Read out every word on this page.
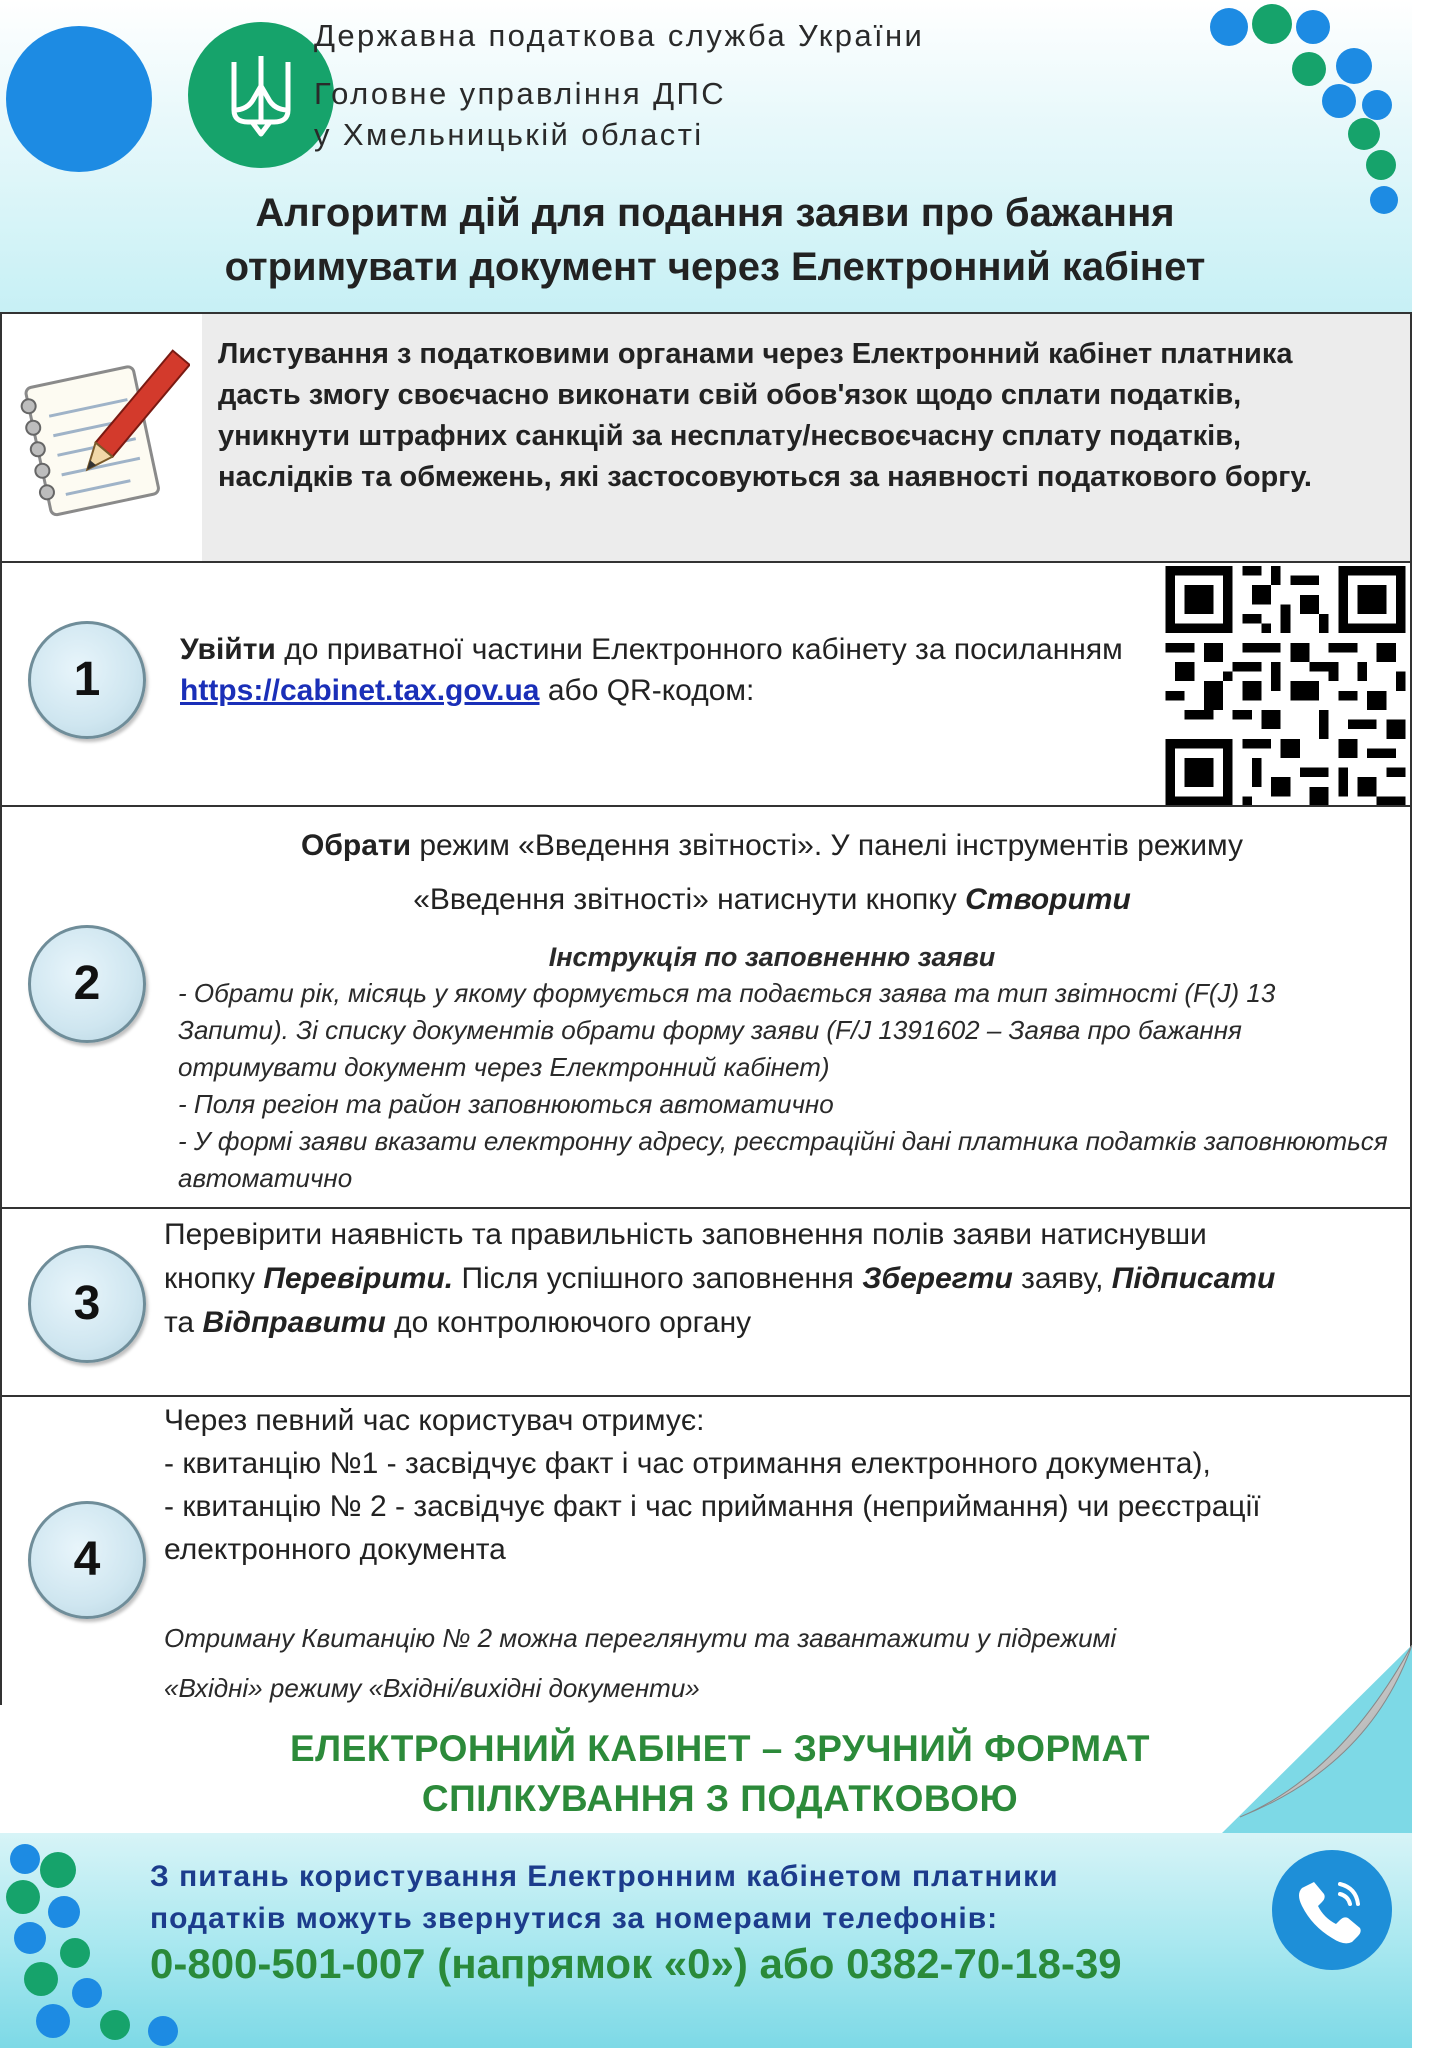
Державна податкова служба України
Головне управління ДПС
у Хмельницькій області
Алгоритм дій для подання заяви про бажання
отримувати документ через Електронний кабінет
Листування з податковими органами через Електронний кабінет платника дасть змогу своєчасно виконати свій обов'язок щодо сплати податків, уникнути штрафних санкцій за несплату/несвоєчасну сплату податків, наслідків та обмежень, які застосовуються за наявності податкового боргу.
1
Увійти до приватної частини Електронного кабінету за посиланням https://cabinet.tax.gov.ua або QR-кодом:
2
Обрати режим «Введення звітності». У панелі інструментів режиму
«Введення звітності» натиснути кнопку Створити
Інструкція по заповненню заяви
- Обрати рік, місяць у якому формується та подається заява та тип звітності (F(J) 13 Запити). Зі списку документів обрати форму заяви (F/J 1391602 – Заява про бажання отримувати документ через Електронний кабінет)
- Поля регіон та район заповнюються автоматично
- У формі заяви вказати електронну адресу, реєстраційні дані платника податків заповнюються автоматично
3
Перевірити наявність та правильність заповнення полів заяви натиснувши кнопку Перевірити. Після успішного заповнення Зберегти заяву, Підписати та Відправити до контролюючого органу
4
Через певний час користувач отримує:
- квитанцію №1 - засвідчує факт і час отримання електронного документа),
- квитанцію № 2 - засвідчує факт і час приймання (неприймання) чи реєстрації електронного документа
Отриману Квитанцію № 2 можна переглянути та завантажити у підрежимі
«Вхідні» режиму «Вхідні/вихідні документи»
ЕЛЕКТРОННИЙ КАБІНЕТ – ЗРУЧНИЙ ФОРМАТ
СПІЛКУВАННЯ З ПОДАТКОВОЮ
З питань користування Електронним кабінетом платники
податків можуть звернутися за номерами телефонів:
0-800-501-007 (напрямок «0») або 0382-70-18-39
